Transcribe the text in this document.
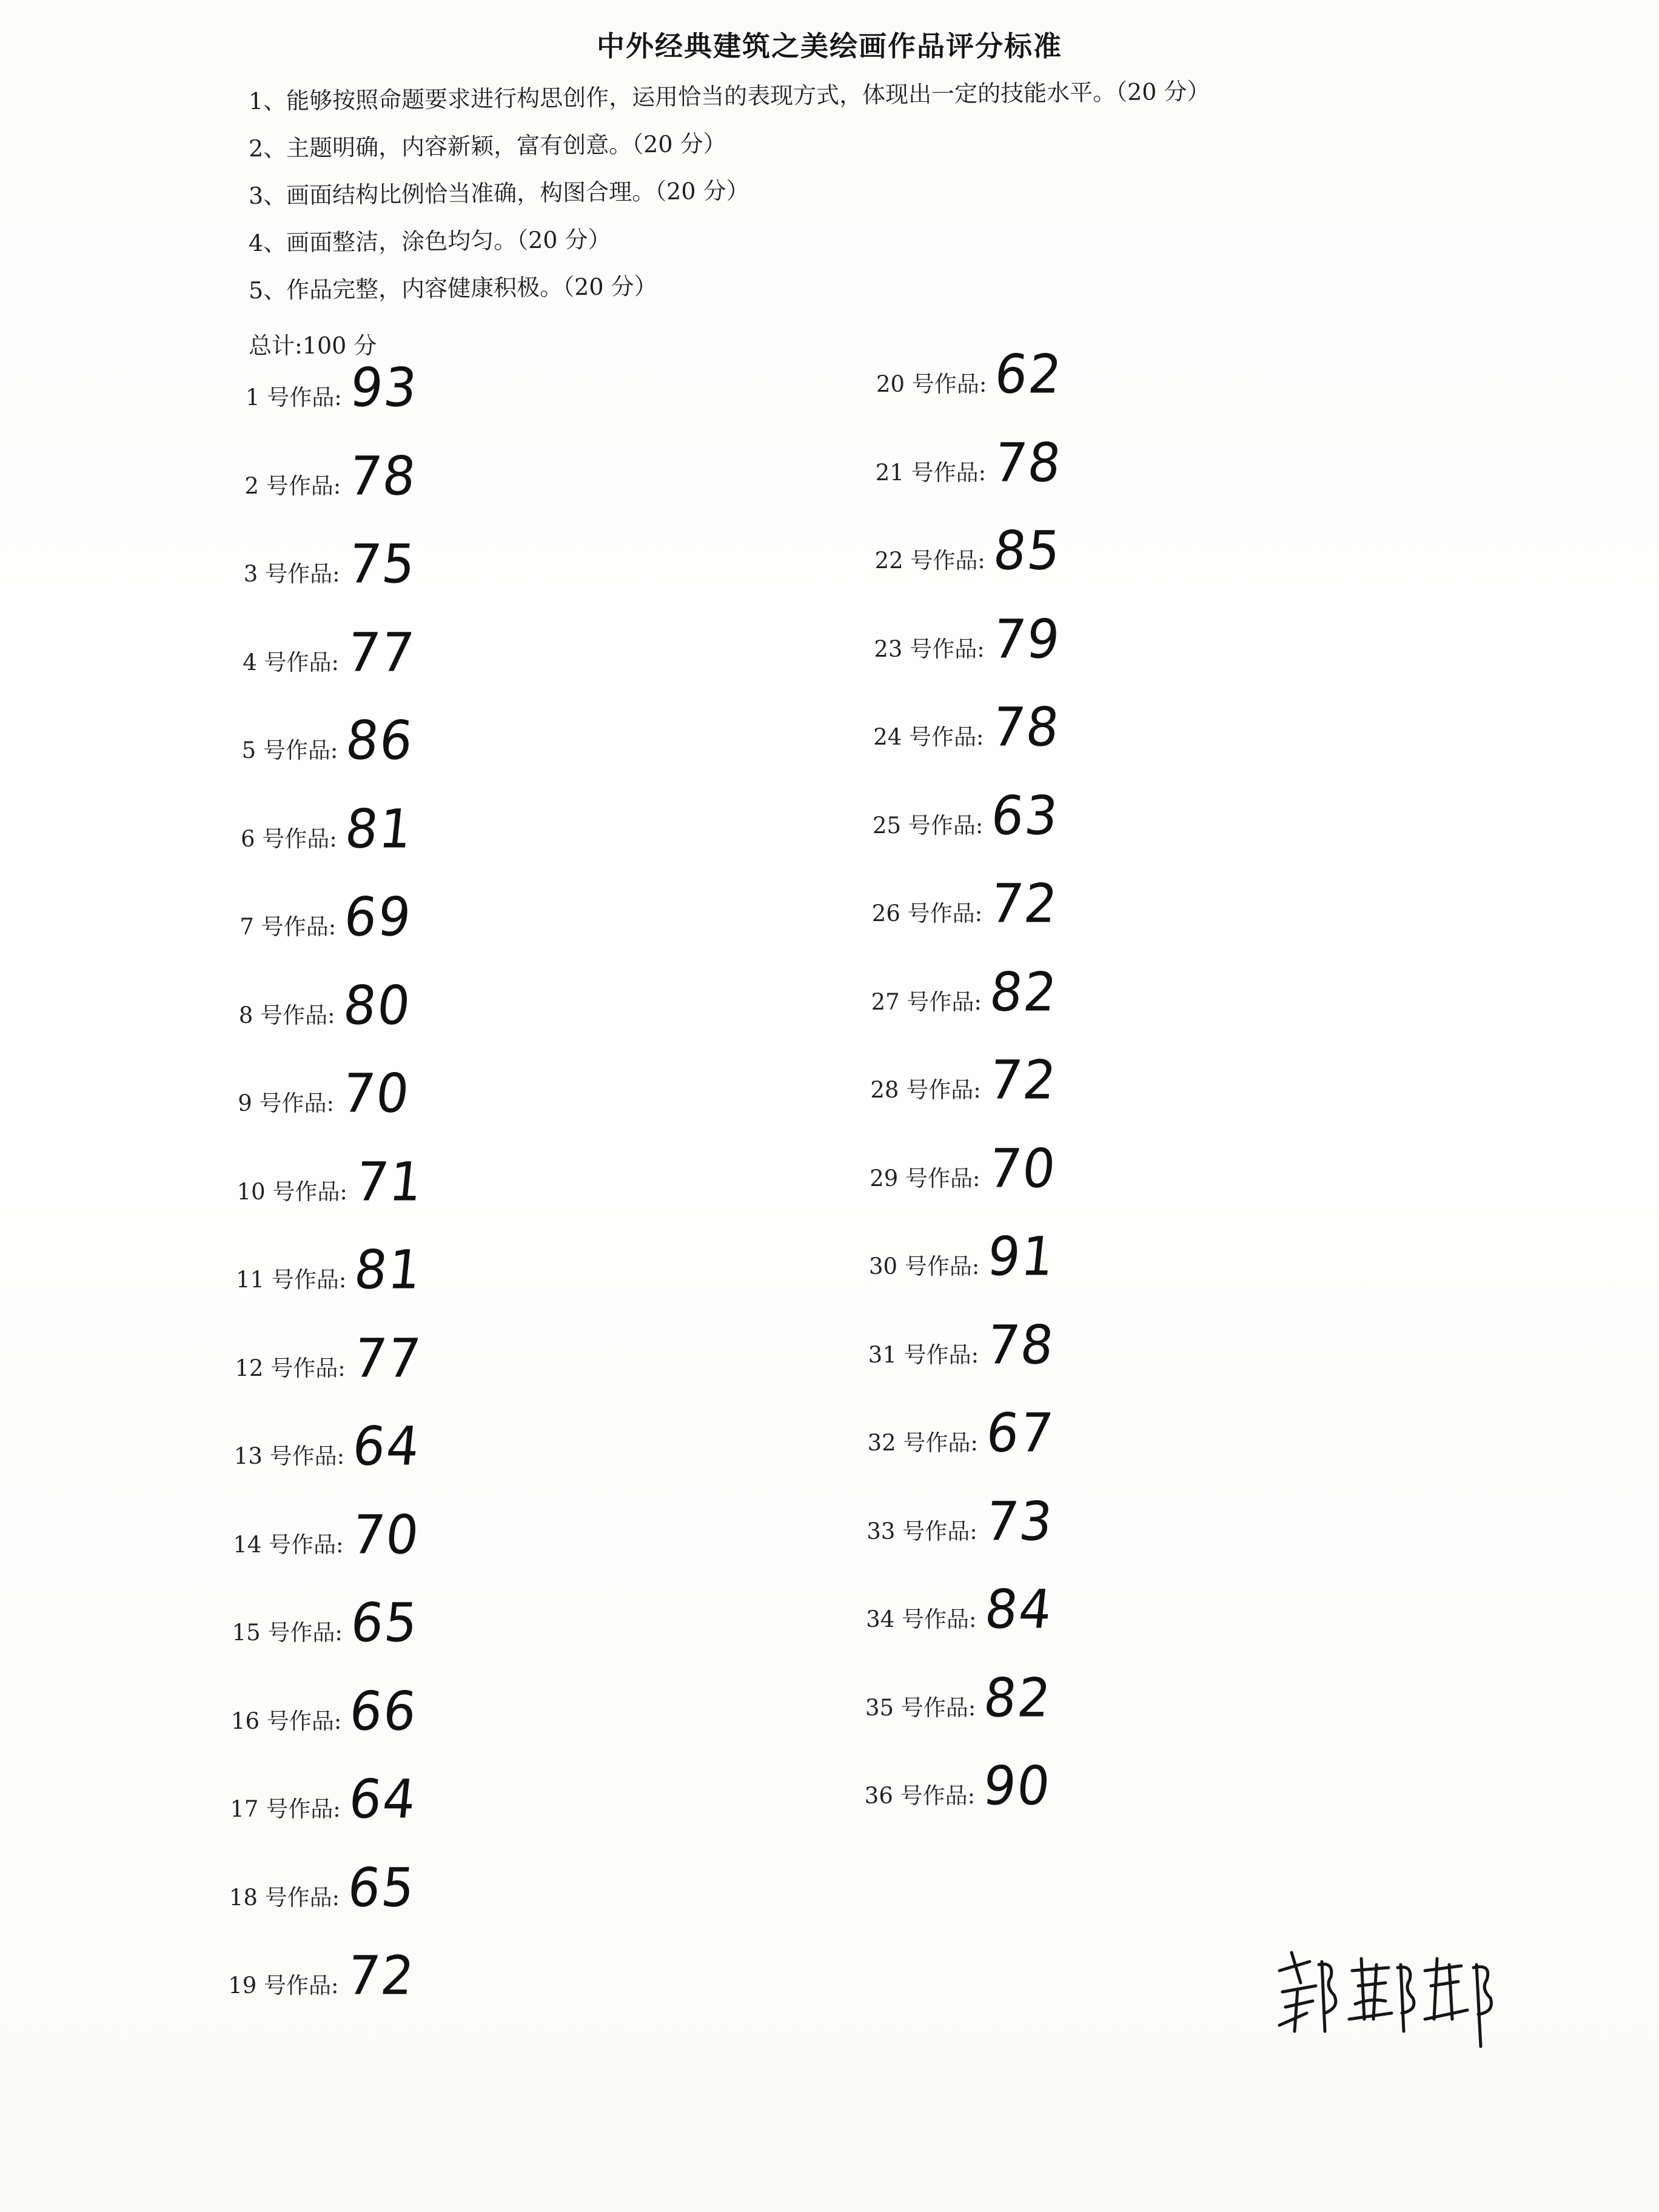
中外经典建筑之美绘画作品评分标准
1、能够按照命题要求进行构思创作，运用恰当的表现方式，体现出一定的技能水平。（20 分）
2、主题明确，内容新颖，富有创意。（20 分）
3、画面结构比例恰当准确，构图合理。（20 分）
4、画面整洁，涂色均匀。（20 分）
5、作品完整，内容健康积极。（20 分）
总计:100 分
1 号作品: 93
2 号作品: 78
3 号作品: 75
4 号作品: 77
5 号作品: 86
6 号作品: 81
7 号作品: 69
8 号作品: 80
9 号作品: 70
10 号作品: 71
11 号作品: 81
12 号作品: 77
13 号作品: 64
14 号作品: 70
15 号作品: 65
16 号作品: 66
17 号作品: 64
18 号作品: 65
19 号作品: 72
20 号作品: 62
21 号作品: 78
22 号作品: 85
23 号作品: 79
24 号作品: 78
25 号作品: 63
26 号作品: 72
27 号作品: 82
28 号作品: 72
29 号作品: 70
30 号作品: 91
31 号作品: 78
32 号作品: 67
33 号作品: 73
34 号作品: 84
35 号作品: 82
36 号作品: 90
